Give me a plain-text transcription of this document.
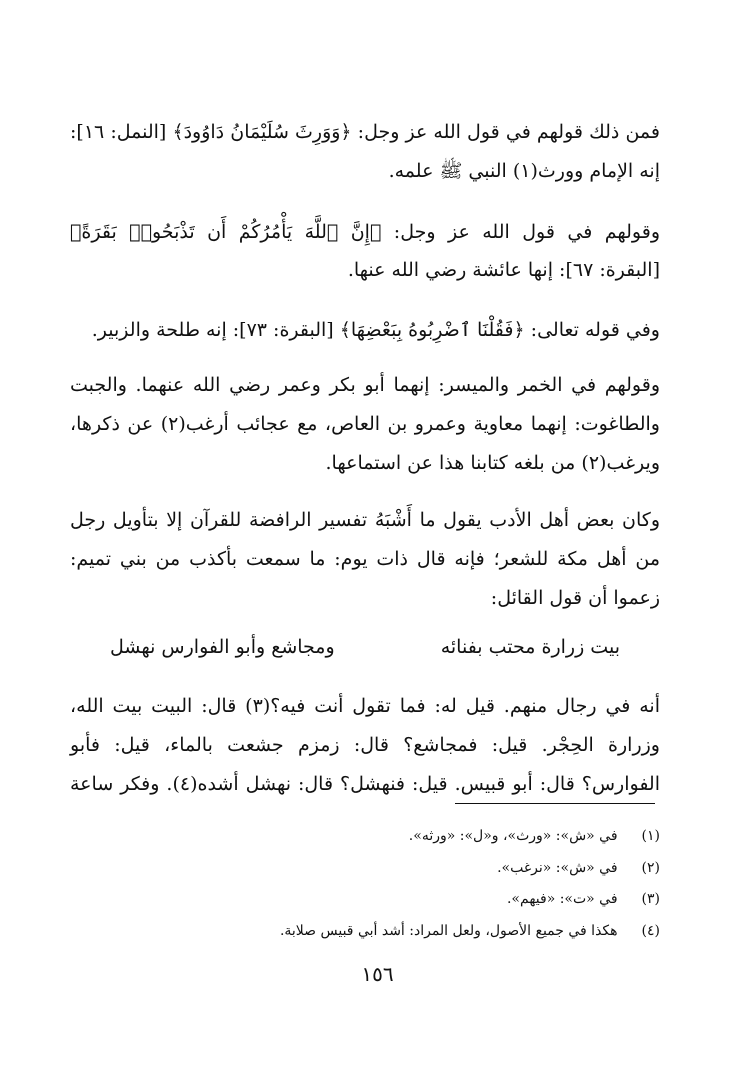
فمن ذلك قولهم في قول الله عز وجل: ﴿وَوَرِثَ سُلَيْمَانُ دَاوُودَ﴾ [النمل: ١٦]:
إنه الإمام وورث(١) النبي ﷺ علمه.
وقولهم في قول الله عز وجل: ﴿إِنَّ ٱللَّهَ يَأْمُرُكُمْ أَن تَذْبَحُوا۟ بَقَرَةً﴾
[البقرة: ٦٧]: إنها عائشة رضي الله عنها.
وفي قوله تعالى: ﴿فَقُلْنَا ٱضْرِبُوهُ بِبَعْضِهَا﴾ [البقرة: ٧٣]: إنه طلحة والزبير.
وقولهم في الخمر والميسر: إنهما أبو بكر وعمر رضي الله عنهما. والجبت
والطاغوت: إنهما معاوية وعمرو بن العاص، مع عجائب أرغب(٢) عن ذكرها،
ويرغب(٢) من بلغه كتابنا هذا عن استماعها.
وكان بعض أهل الأدب يقول ما أَشْبَهُ تفسير الرافضة للقرآن إلا بتأويل رجل
من أهل مكة للشعر؛ فإنه قال ذات يوم: ما سمعت بأكذب من بني تميم:
زعموا أن قول القائل:
بيت زرارة محتب بفنائه
ومجاشع وأبو الفوارس نهشل
أنه في رجال منهم. قيل له: فما تقول أنت فيه؟(٣) قال: البيت بيت الله،
وزرارة الحِجْر. قيل: فمجاشع؟ قال: زمزم جشعت بالماء، قيل: فأبو
الفوارس؟ قال: أبو قبيس. قيل: فنهشل؟ قال: نهشل أشده(٤). وفكر ساعة
(١) في «ش»: «ورث»، و«ل»: «ورثه».
(٢) في «ش»: «نرغب».
(٣) في «ت»: «فيهم».
(٤) هكذا في جميع الأصول، ولعل المراد: أشد أبي قبيس صلابة.
١٥٦
